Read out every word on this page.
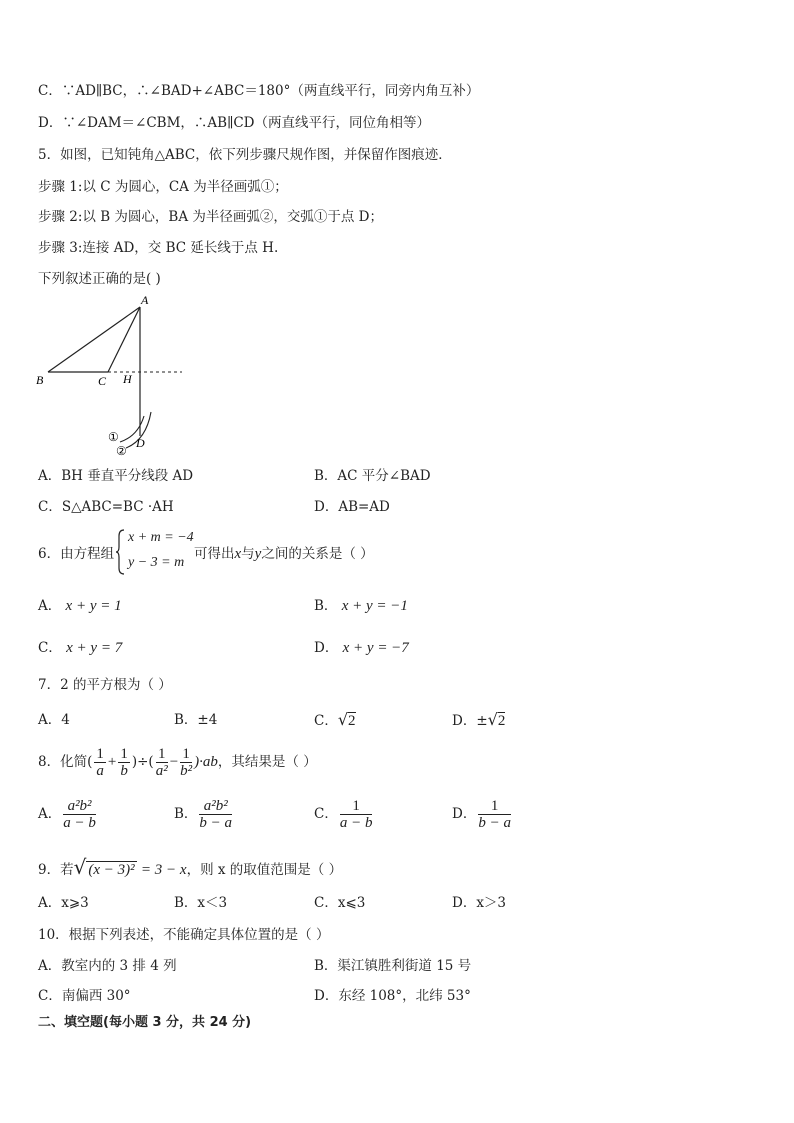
C．∵AD∥BC，∴∠BAD+∠ABC＝180°（两直线平行，同旁内角互补）
D．∵∠DAM＝∠CBM，∴AB∥CD（两直线平行，同位角相等）
5．如图，已知钝角△ABC，依下列步骤尺规作图，并保留作图痕迹．
步骤 1:以 C 为圆心，CA 为半径画弧①；
步骤 2:以 B 为圆心，BA 为半径画弧②，交弧①于点 D；
步骤 3:连接 AD，交 BC 延长线于点 H.
下列叙述正确的是( )
A
B	C H
D
①
②
A．BH 垂直平分线段 AD	B．AC 平分∠BAD
C．S△ABC=BC ·AH	D．AB=AD
6．由方程组
x + m = −4
y − 3 = m
可得出x与y之间的关系是（ ）
A． x + y = 1	B． x + y = −1
C． x + y = 7	D． x + y = −7
7．2 的平方根为（ ）
A．4	B．±4	C．√2	D．±√2
8．化简( $\frac{1}{a} + \frac{1}{b}$ )÷( $\frac{1}{\text{a²}} - \frac{1}{\text{b²}} )\cdot ab$，其结果是（ ）
A． $\frac{\text{a²b²}}{a - b}$	B． $\frac{\text{a²b²}}{b - a}$	C． $\frac{1}{a - b}$	D． $\frac{1}{b - a}$
9．若√ (x − 3)² = 3 − x，则 x 的取值范围是（ ）
A．x⩾3	B．x＜3	C．x⩽3	D．x＞3
10．根据下列表述，不能确定具体位置的是（ ）
A．教室内的 3 排 4 列	B．渠江镇胜利街道 15 号
C．南偏西 30°	D．东经 108°，北纬 53°
二、填空题(每小题 3 分，共 24 分)
